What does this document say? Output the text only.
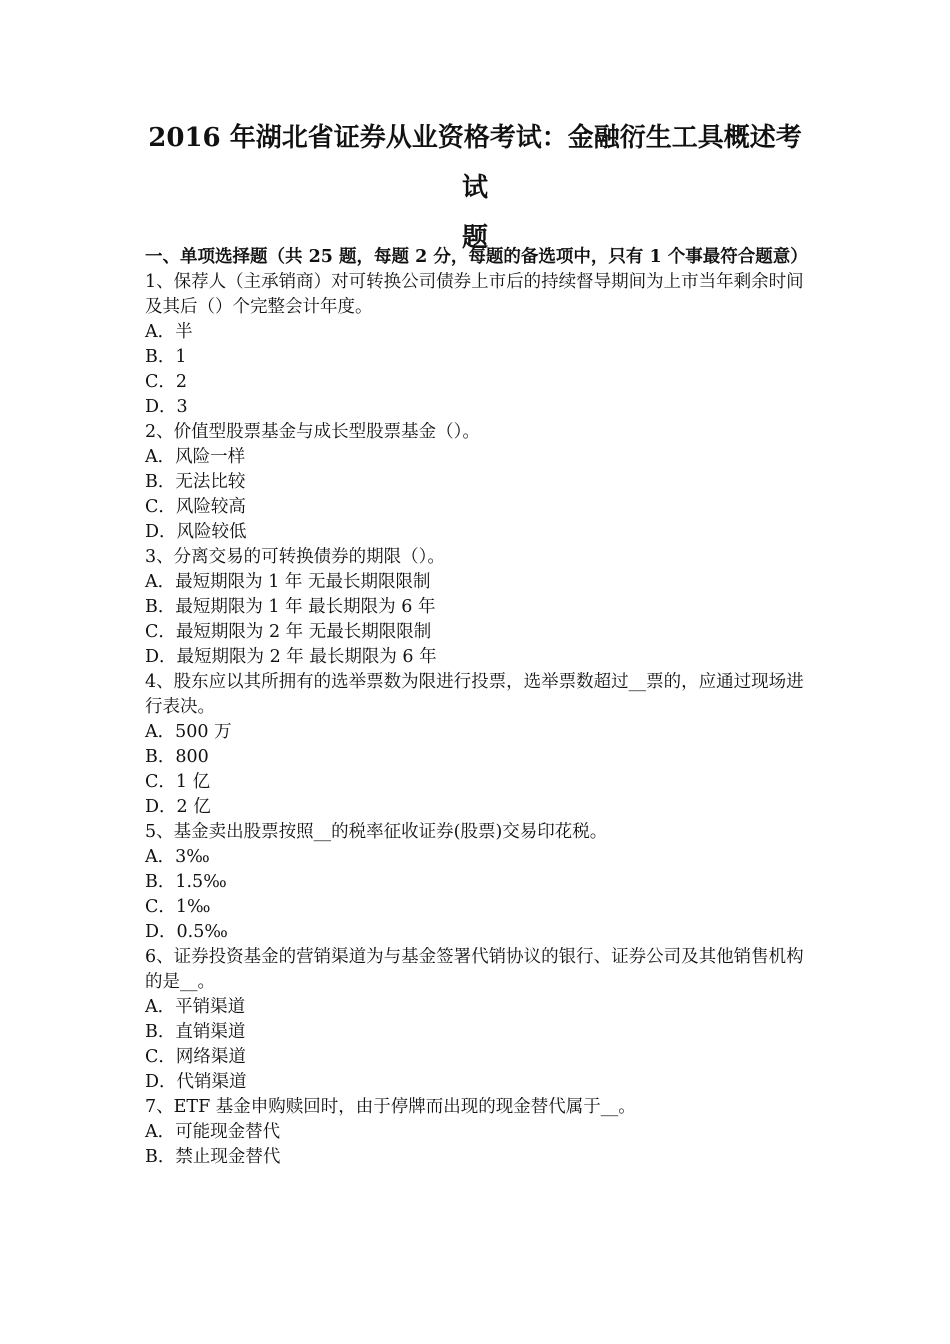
2016 年湖北省证券从业资格考试：金融衍生工具概述考试
题
一、单项选择题（共 25 题，每题 2 分，每题的备选项中，只有 1 个事最符合题意）
1、保荐人（主承销商）对可转换公司债券上市后的持续督导期间为上市当年剩余时间及其后（）个完整会计年度。
A．半
B．1
C．2
D．3
2、价值型股票基金与成长型股票基金（）。
A．风险一样
B．无法比较
C．风险较高
D．风险较低
3、分离交易的可转换债券的期限（）。
A．最短期限为 1 年 无最长期限限制
B．最短期限为 1 年 最长期限为 6 年
C．最短期限为 2 年 无最长期限限制
D．最短期限为 2 年 最长期限为 6 年
4、股东应以其所拥有的选举票数为限进行投票，选举票数超过__票的，应通过现场进行表决。
A．500 万
B．800
C．1 亿
D．2 亿
5、基金卖出股票按照__的税率征收证券(股票)交易印花税。
A．3‰
B．1.5‰
C．1‰
D．0.5‰
6、证券投资基金的营销渠道为与基金签署代销协议的银行、证券公司及其他销售机构的是__。
A．平销渠道
B．直销渠道
C．网络渠道
D．代销渠道
7、ETF 基金申购赎回时，由于停牌而出现的现金替代属于__。
A．可能现金替代
B．禁止现金替代
